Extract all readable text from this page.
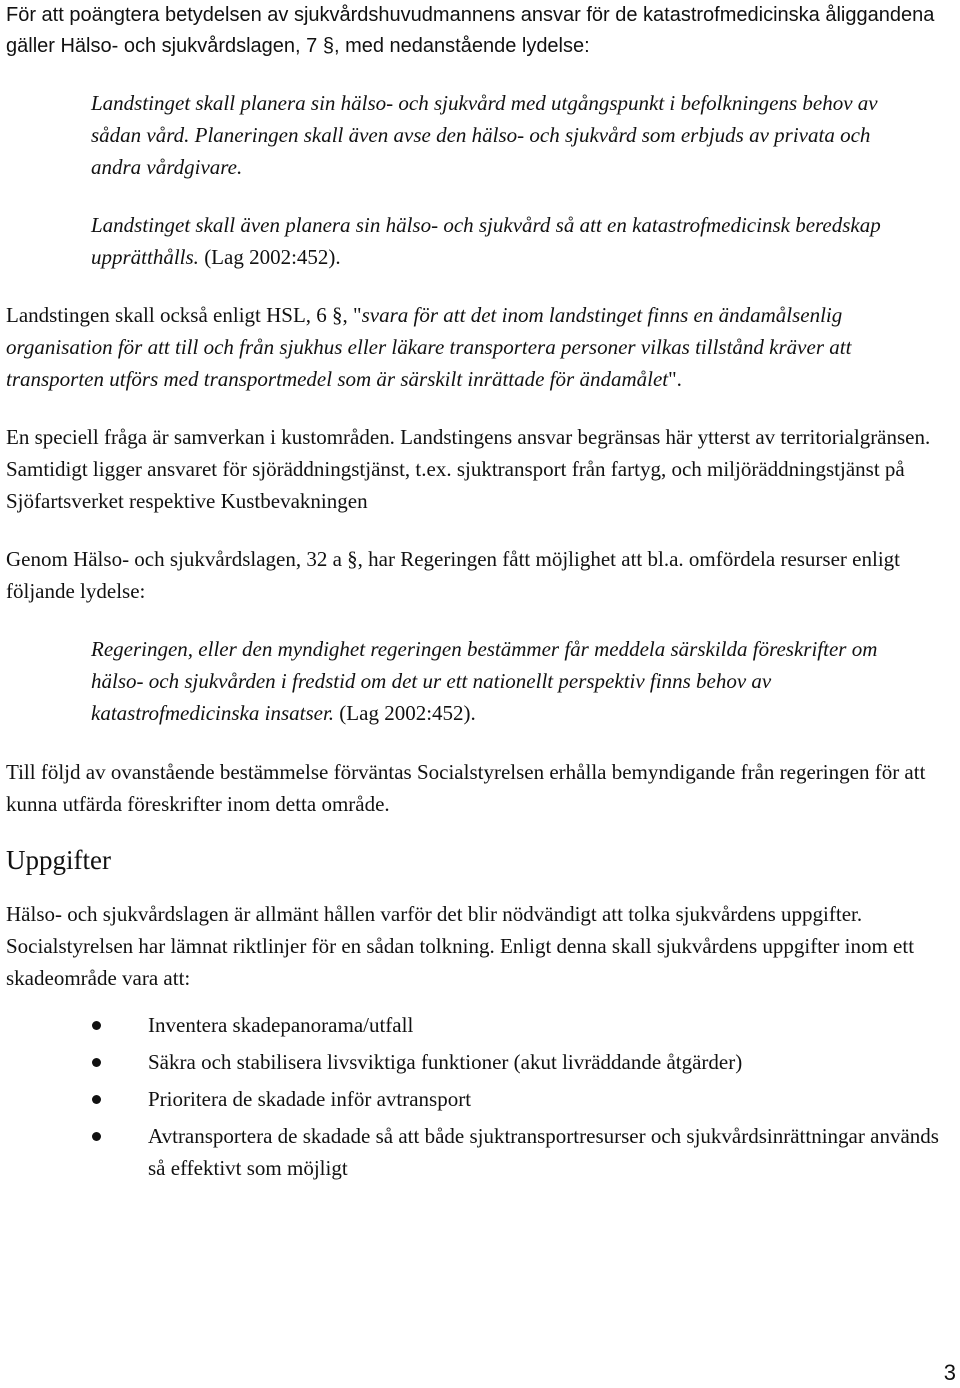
För att poängtera betydelsen av sjukvårdshuvudmannens ansvar för de katastrofmedicinska åliggandena gäller Hälso- och sjukvårdslagen, 7 §, med nedanstående lydelse:

Landstinget skall planera sin hälso- och sjukvård med utgångspunkt i befolkningens behov av sådan vård. Planeringen skall även avse den hälso- och sjukvård som erbjuds av privata och andra vårdgivare.

Landstinget skall även planera sin hälso- och sjukvård så att en katastrofmedicinsk beredskap upprätthålls. (Lag 2002:452).

Landstingen skall också enligt HSL, 6 §, "svara för att det inom landstinget finns en ändamålsenlig organisation för att till och från sjukhus eller läkare transportera personer vilkas tillstånd kräver att transporten utförs med transportmedel som är särskilt inrättade för ändamålet".

En speciell fråga är samverkan i kustområden. Landstingens ansvar begränsas här ytterst av territorialgränsen. Samtidigt ligger ansvaret för sjöräddningstjänst, t.ex. sjuktransport från fartyg, och miljöräddningstjänst på Sjöfartsverket respektive Kustbevakningen

Genom Hälso- och sjukvårdslagen, 32 a §, har Regeringen fått möjlighet att bl.a. omfördela resurser enligt följande lydelse:

Regeringen, eller den myndighet regeringen bestämmer får meddela särskilda föreskrifter om hälso- och sjukvården i fredstid om det ur ett nationellt perspektiv finns behov av katastrofmedicinska insatser. (Lag 2002:452).

Till följd av ovanstående bestämmelse förväntas Socialstyrelsen erhålla bemyndigande från regeringen för att kunna utfärda föreskrifter inom detta område.

Uppgifter

Hälso- och sjukvårdslagen är allmänt hållen varför det blir nödvändigt att tolka sjukvårdens uppgifter. Socialstyrelsen har lämnat riktlinjer för en sådan tolkning. Enligt denna skall sjukvårdens uppgifter inom ett skadeområde vara att:

Inventera skadepanorama/utfall
Säkra och stabilisera livsviktiga funktioner (akut livräddande åtgärder)
Prioritera de skadade inför avtransport
Avtransportera de skadade så att både sjuktransportresurser och sjukvårdsinrättningar används så effektivt som möjligt

3
